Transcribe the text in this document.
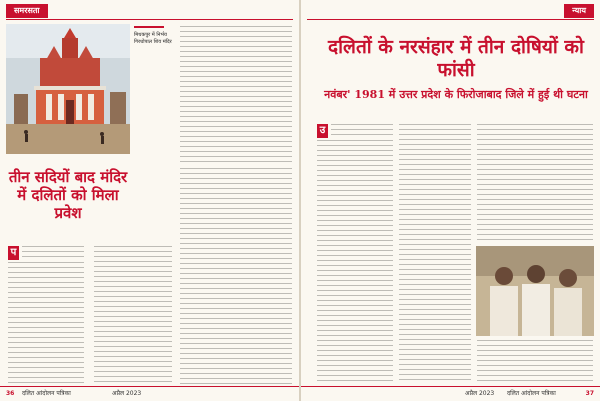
समरसता
मिथकपुर में निर्भय गिरधोपाल शिव मंदिर
तीन सदियों बाद मंदिर में दलितों को मिला प्रवेश
प
36 दलित आंदोलन पत्रिका	अप्रैल 2023
न्याय
दलितों के नरसंहार में तीन दोषियों को फांसी
नवंबर' 1981 में उत्तर प्रदेश के फिरोजाबाद जिले में हुई थी घटना
उ
अप्रैल 2023 दलित आंदोलन पत्रिका	37
